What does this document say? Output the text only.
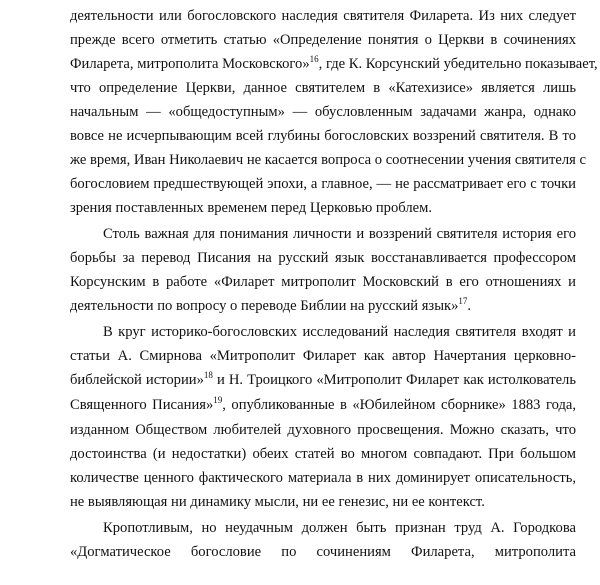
деятельности или богословского наследия святителя Филарета. Из них следует
прежде всего отметить статью «Определение понятия о Церкви в сочинениях
Филарета, митрополита Московского»$^{16}$, где К. Корсунский убедительно показывает,
что определение Церкви, данное святителем в «Катехизисе» является лишь
начальным — «общедоступным» — обусловленным задачами жанра, однако
вовсе не исчерпывающим всей глубины богословских воззрений святителя. В то
же время, Иван Николаевич не касается вопроса о соотнесении учения святителя с
богословием предшествующей эпохи, а главное, — не рассматривает его с точки
зрения поставленных временем перед Церковью проблем.
Столь важная для понимания личности и воззрений святителя история его
борьбы за перевод Писания на русский язык восстанавливается профессором
Корсунским в работе «Филарет митрополит Московский в его отношениях и
деятельности по вопросу о переводе Библии на русский язык»$^{17}$.
В круг историко-богословских исследований наследия святителя входят и
статьи А. Смирнова «Митрополит Филарет как автор Начертания церковно-
библейской истории»$^{18}$ и Н. Троицкого «Митрополит Филарет как истолкователь
Священного Писания»$^{19}$, опубликованные в «Юбилейном сборнике» 1883 года,
изданном Обществом любителей духовного просвещения. Можно сказать, что
достоинства (и недостатки) обеих статей во многом совпадают. При большом
количестве ценного фактического материала в них доминирует описательность,
не выявляющая ни динамику мысли, ни ее генезис, ни ее контекст.
Кропотливым, но неудачным должен быть признан труд А. Городкова
«Догматическое богословие по сочинениям Филарета, митрополита
